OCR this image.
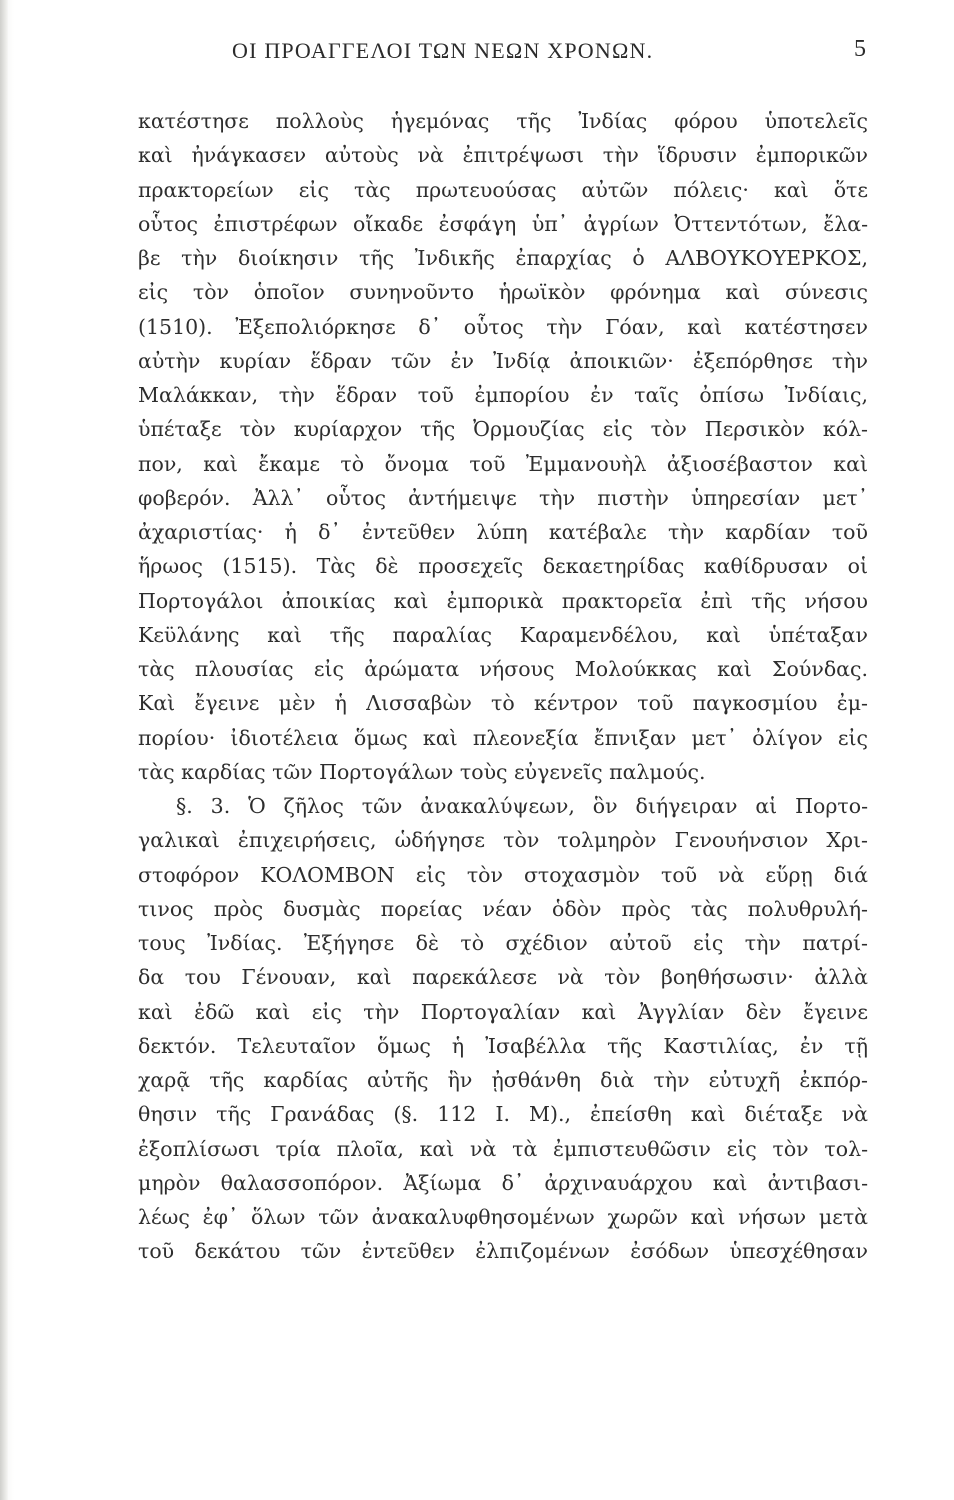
ΟΙ ΠΡΟΑΓΓΕΛΟΙ ΤΩΝ ΝΕΩΝ ΧΡΟΝΩΝ.	5
κατέστησε πολλοὺς ἡγεμόνας τῆς Ἰνδίας φόρου ὑποτελεῖς
καὶ ἠνάγκασεν αὐτοὺς νὰ ἐπιτρέψωσι τὴν ἵδρυσιν ἐμπορικῶν
πρακτορείων εἰς τὰς πρωτευούσας αὐτῶν πόλεις· καὶ ὅτε
οὗτος ἐπιστρέφων οἴκαδε ἐσφάγη ὑπ᾽ ἀγρίων Ὀττεντότων, ἔλα-
βε τὴν διοίκησιν τῆς Ἰνδικῆς ἐπαρχίας ὁ ΑΛΒΟΥΚΟΥΕΡΚΟΣ,
εἰς τὸν ὁποῖον συνηνοῦντο ἡρωϊκὸν φρόνημα καὶ σύνεσις
(1510). Ἐξεπολιόρκησε δ᾽ οὗτος τὴν Γόαν, καὶ κατέστησεν
αὐτὴν κυρίαν ἕδραν τῶν ἐν Ἰνδίᾳ ἀποικιῶν· ἐξεπόρθησε τὴν
Μαλάκκαν, τὴν ἕδραν τοῦ ἐμπορίου ἐν ταῖς ὀπίσω Ἰνδίαις,
ὑπέταξε τὸν κυρίαρχον τῆς Ὀρμουζίας εἰς τὸν Περσικὸν κόλ-
πον, καὶ ἔκαμε τὸ ὄνομα τοῦ Ἐμμανουὴλ ἀξιοσέβαστον καὶ
φοβερόν. Ἀλλ᾽ οὗτος ἀντήμειψε τὴν πιστὴν ὑπηρεσίαν μετ᾽
ἀχαριστίας· ἡ δ᾽ ἐντεῦθεν λύπη κατέβαλε τὴν καρδίαν τοῦ
ἥρωος (1515). Τὰς δὲ προσεχεῖς δεκαετηρίδας καθίδρυσαν οἱ
Πορτογάλοι ἀποικίας καὶ ἐμπορικὰ πρακτορεῖα ἐπὶ τῆς νήσου
Κεϋλάνης καὶ τῆς παραλίας Καραμενδέλου, καὶ ὑπέταξαν
τὰς πλουσίας εἰς ἀρώματα νήσους Μολούκκας καὶ Σούνδας.
Καὶ ἔγεινε μὲν ἡ Λισσαβὼν τὸ κέντρον τοῦ παγκοσμίου ἐμ-
πορίου· ἰδιοτέλεια ὅμως καὶ πλεονεξία ἔπνιξαν μετ᾽ ὀλίγον εἰς
τὰς καρδίας τῶν Πορτογάλων τοὺς εὐγενεῖς παλμούς.
§. 3. Ὁ ζῆλος τῶν ἀνακαλύψεων, ὃν διήγειραν αἱ Πορτο-
γαλικαὶ ἐπιχειρήσεις, ὡδήγησε τὸν τολμηρὸν Γενουήνσιον Χρι-
στοφόρον ΚΟΛΟΜΒΟΝ εἰς τὸν στοχασμὸν τοῦ νὰ εὕρῃ διά
τινος πρὸς δυσμὰς πορείας νέαν ὁδὸν πρὸς τὰς πολυθρυλή-
τους Ἰνδίας. Ἐξήγησε δὲ τὸ σχέδιον αὐτοῦ εἰς τὴν πατρί-
δα του Γένουαν, καὶ παρεκάλεσε νὰ τὸν βοηθήσωσιν· ἀλλὰ
καὶ ἐδῶ καὶ εἰς τὴν Πορτογαλίαν καὶ Ἀγγλίαν δὲν ἔγεινε
δεκτόν. Τελευταῖον ὅμως ἡ Ἰσαβέλλα τῆς Καστιλίας, ἐν τῇ
χαρᾷ τῆς καρδίας αὐτῆς ἣν ᾐσθάνθη διὰ τὴν εὐτυχῆ ἐκπόρ-
θησιν τῆς Γρανάδας (§. 112 Ι. Μ)., ἐπείσθη καὶ διέταξε νὰ
ἐξοπλίσωσι τρία πλοῖα, καὶ νὰ τὰ ἐμπιστευθῶσιν εἰς τὸν τολ-
μηρὸν θαλασσοπόρον. Ἀξίωμα δ᾽ ἀρχιναυάρχου καὶ ἀντιβασι-
λέως ἐφ᾽ ὅλων τῶν ἀνακαλυφθησομένων χωρῶν καὶ νήσων μετὰ
τοῦ δεκάτου τῶν ἐντεῦθεν ἐλπιζομένων ἐσόδων ὑπεσχέθησαν
